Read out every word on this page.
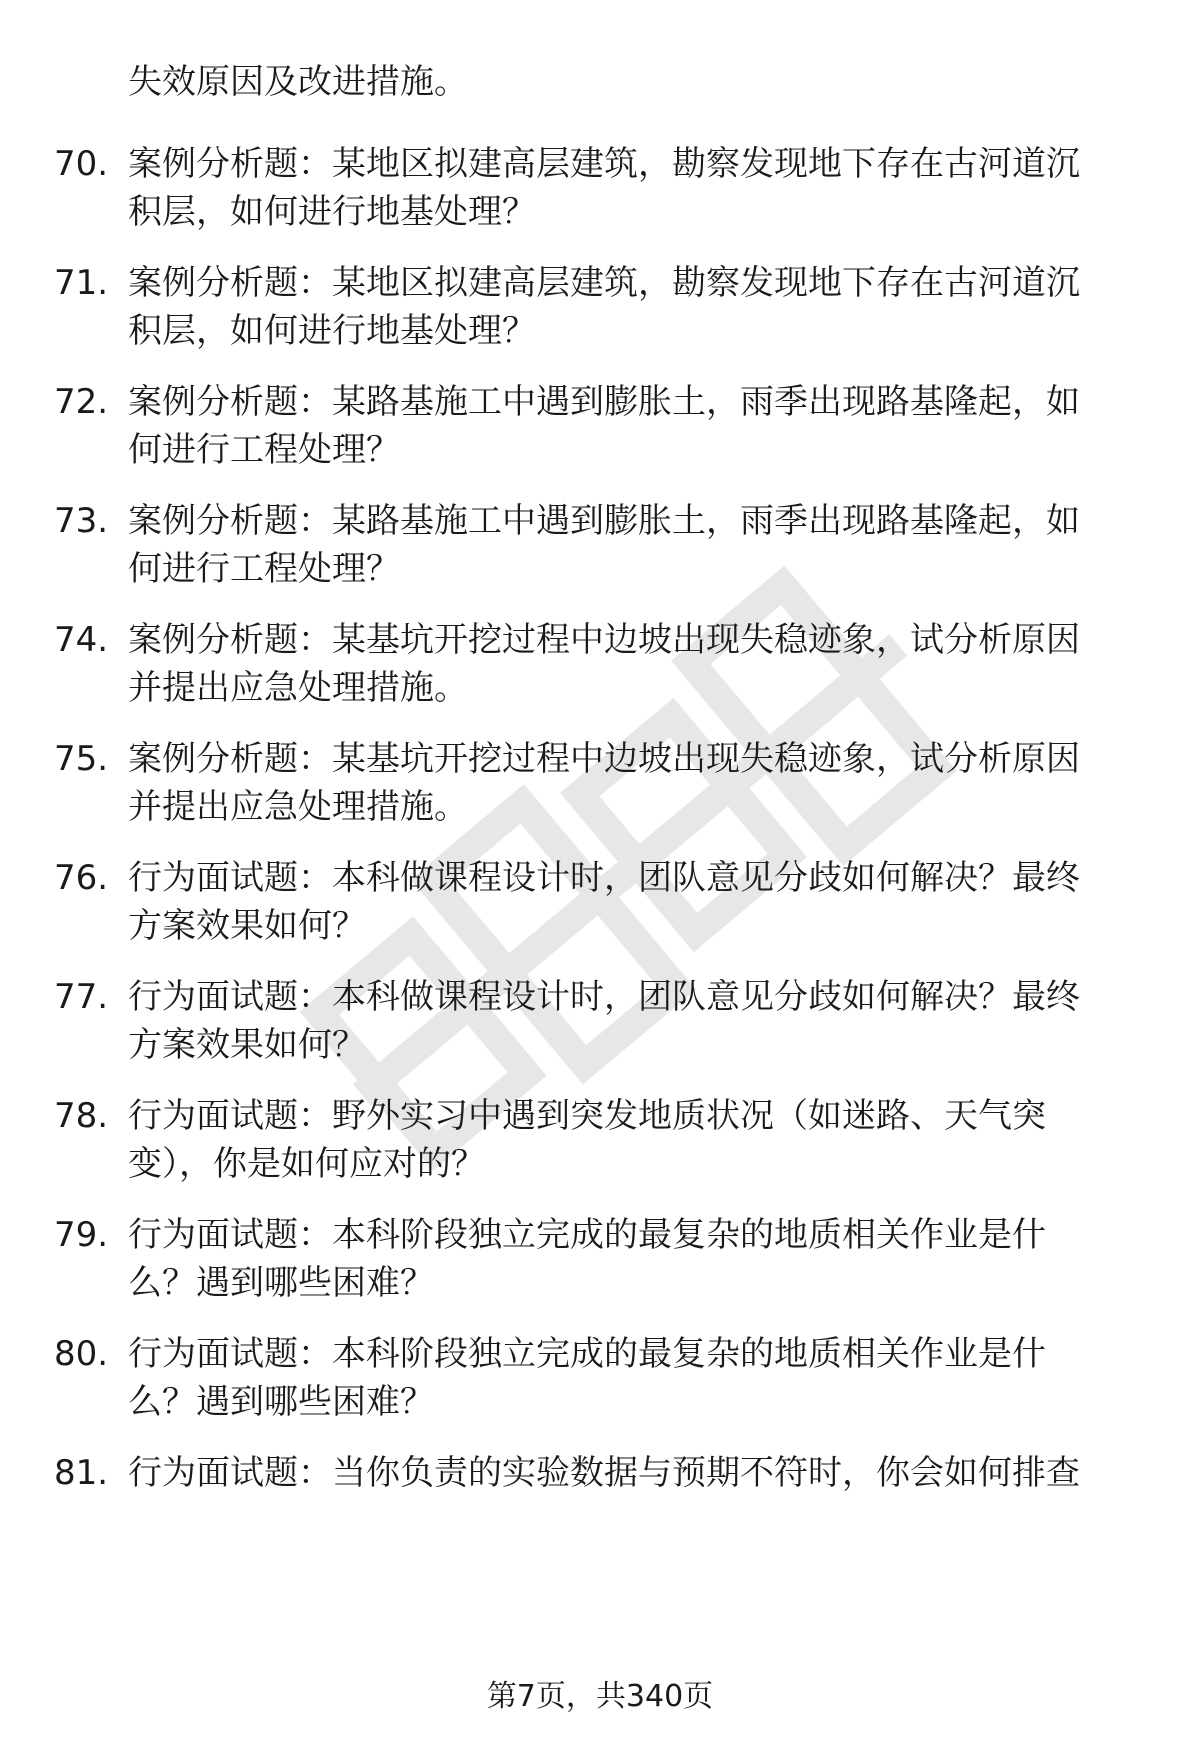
失效原因及改进措施。
70. 案例分析题：某地区拟建高层建筑，勘察发现地下存在古河道沉
积层，如何进行地基处理？
71. 案例分析题：某地区拟建高层建筑，勘察发现地下存在古河道沉
积层，如何进行地基处理？
72. 案例分析题：某路基施工中遇到膨胀土，雨季出现路基隆起，如
何进行工程处理？
73. 案例分析题：某路基施工中遇到膨胀土，雨季出现路基隆起，如
何进行工程处理？
74. 案例分析题：某基坑开挖过程中边坡出现失稳迹象，试分析原因
并提出应急处理措施。
75. 案例分析题：某基坑开挖过程中边坡出现失稳迹象，试分析原因
并提出应急处理措施。
76. 行为面试题：本科做课程设计时，团队意见分歧如何解决？最终
方案效果如何？
77. 行为面试题：本科做课程设计时，团队意见分歧如何解决？最终
方案效果如何？
78. 行为面试题：野外实习中遇到突发地质状况（如迷路、天气突
变），你是如何应对的？
79. 行为面试题：本科阶段独立完成的最复杂的地质相关作业是什
么？遇到哪些困难？
80. 行为面试题：本科阶段独立完成的最复杂的地质相关作业是什
么？遇到哪些困难？
81. 行为面试题：当你负责的实验数据与预期不符时，你会如何排查
第7页，共340页
